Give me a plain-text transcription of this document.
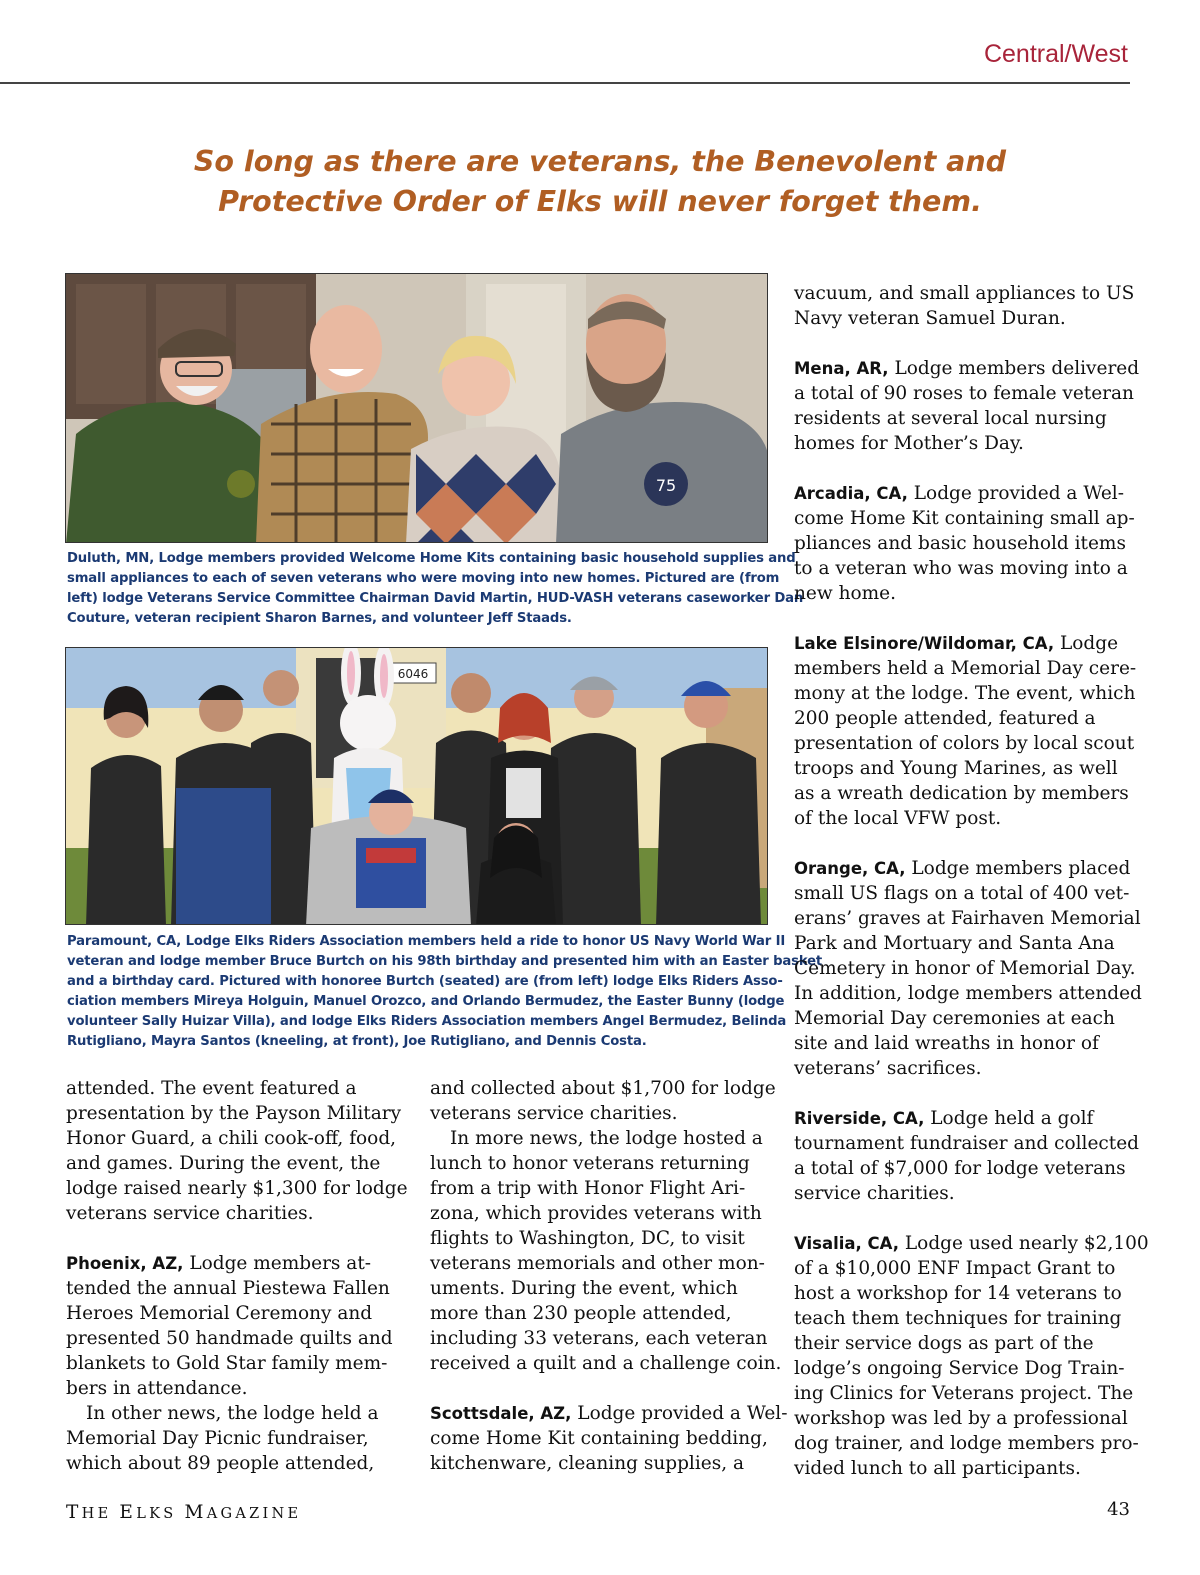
Central/West
So long as there are veterans, the Benevolent and
Protective Order of Elks will never forget them.
75
Duluth, MN, Lodge members provided Welcome Home Kits containing basic household supplies and
small appliances to each of seven veterans who were moving into new homes. Pictured are (from
left) lodge Veterans Service Committee Chairman David Martin, HUD-VASH veterans caseworker Dan
Couture, veteran recipient Sharon Barnes, and volunteer Jeff Staads.
6046
Paramount, CA, Lodge Elks Riders Association members held a ride to honor US Navy World War II
veteran and lodge member Bruce Burtch on his 98th birthday and presented him with an Easter basket
and a birthday card. Pictured with honoree Burtch (seated) are (from left) lodge Elks Riders Asso-
ciation members Mireya Holguin, Manuel Orozco, and Orlando Bermudez, the Easter Bunny (lodge
volunteer Sally Huizar Villa), and lodge Elks Riders Association members Angel Bermudez, Belinda
Rutigliano, Mayra Santos (kneeling, at front), Joe Rutigliano, and Dennis Costa.
attended. The event featured a
presentation by the Payson Military
Honor Guard, a chili cook-off, food,
and games. During the event, the
lodge raised nearly $1,300 for lodge
veterans service charities.
Phoenix, AZ, Lodge members at-
tended the annual Piestewa Fallen
Heroes Memorial Ceremony and
presented 50 handmade quilts and
blankets to Gold Star family mem-
bers in attendance.
In other news, the lodge held a
Memorial Day Picnic fundraiser,
which about 89 people attended,
and collected about $1,700 for lodge
veterans service charities.
In more news, the lodge hosted a
lunch to honor veterans returning
from a trip with Honor Flight Ari-
zona, which provides veterans with
flights to Washington, DC, to visit
veterans memorials and other mon-
uments. During the event, which
more than 230 people attended,
including 33 veterans, each veteran
received a quilt and a challenge coin.
Scottsdale, AZ, Lodge provided a Wel-
come Home Kit containing bedding,
kitchenware, cleaning supplies, a
vacuum, and small appliances to US
Navy veteran Samuel Duran.
Mena, AR, Lodge members delivered
a total of 90 roses to female veteran
residents at several local nursing
homes for Mother’s Day.
Arcadia, CA, Lodge provided a Wel-
come Home Kit containing small ap-
pliances and basic household items
to a veteran who was moving into a
new home.
Lake Elsinore/Wildomar, CA, Lodge
members held a Memorial Day cere-
mony at the lodge. The event, which
200 people attended, featured a
presentation of colors by local scout
troops and Young Marines, as well
as a wreath dedication by members
of the local VFW post.
Orange, CA, Lodge members placed
small US flags on a total of 400 vet-
erans’ graves at Fairhaven Memorial
Park and Mortuary and Santa Ana
Cemetery in honor of Memorial Day.
In addition, lodge members attended
Memorial Day ceremonies at each
site and laid wreaths in honor of
veterans’ sacrifices.
Riverside, CA, Lodge held a golf
tournament fundraiser and collected
a total of $7,000 for lodge veterans
service charities.
Visalia, CA, Lodge used nearly $2,100
of a $10,000 ENF Impact Grant to
host a workshop for 14 veterans to
teach them techniques for training
their service dogs as part of the
lodge’s ongoing Service Dog Train-
ing Clinics for Veterans project. The
workshop was led by a professional
dog trainer, and lodge members pro-
vided lunch to all participants.
THE ELKS MAGAZINE	43
